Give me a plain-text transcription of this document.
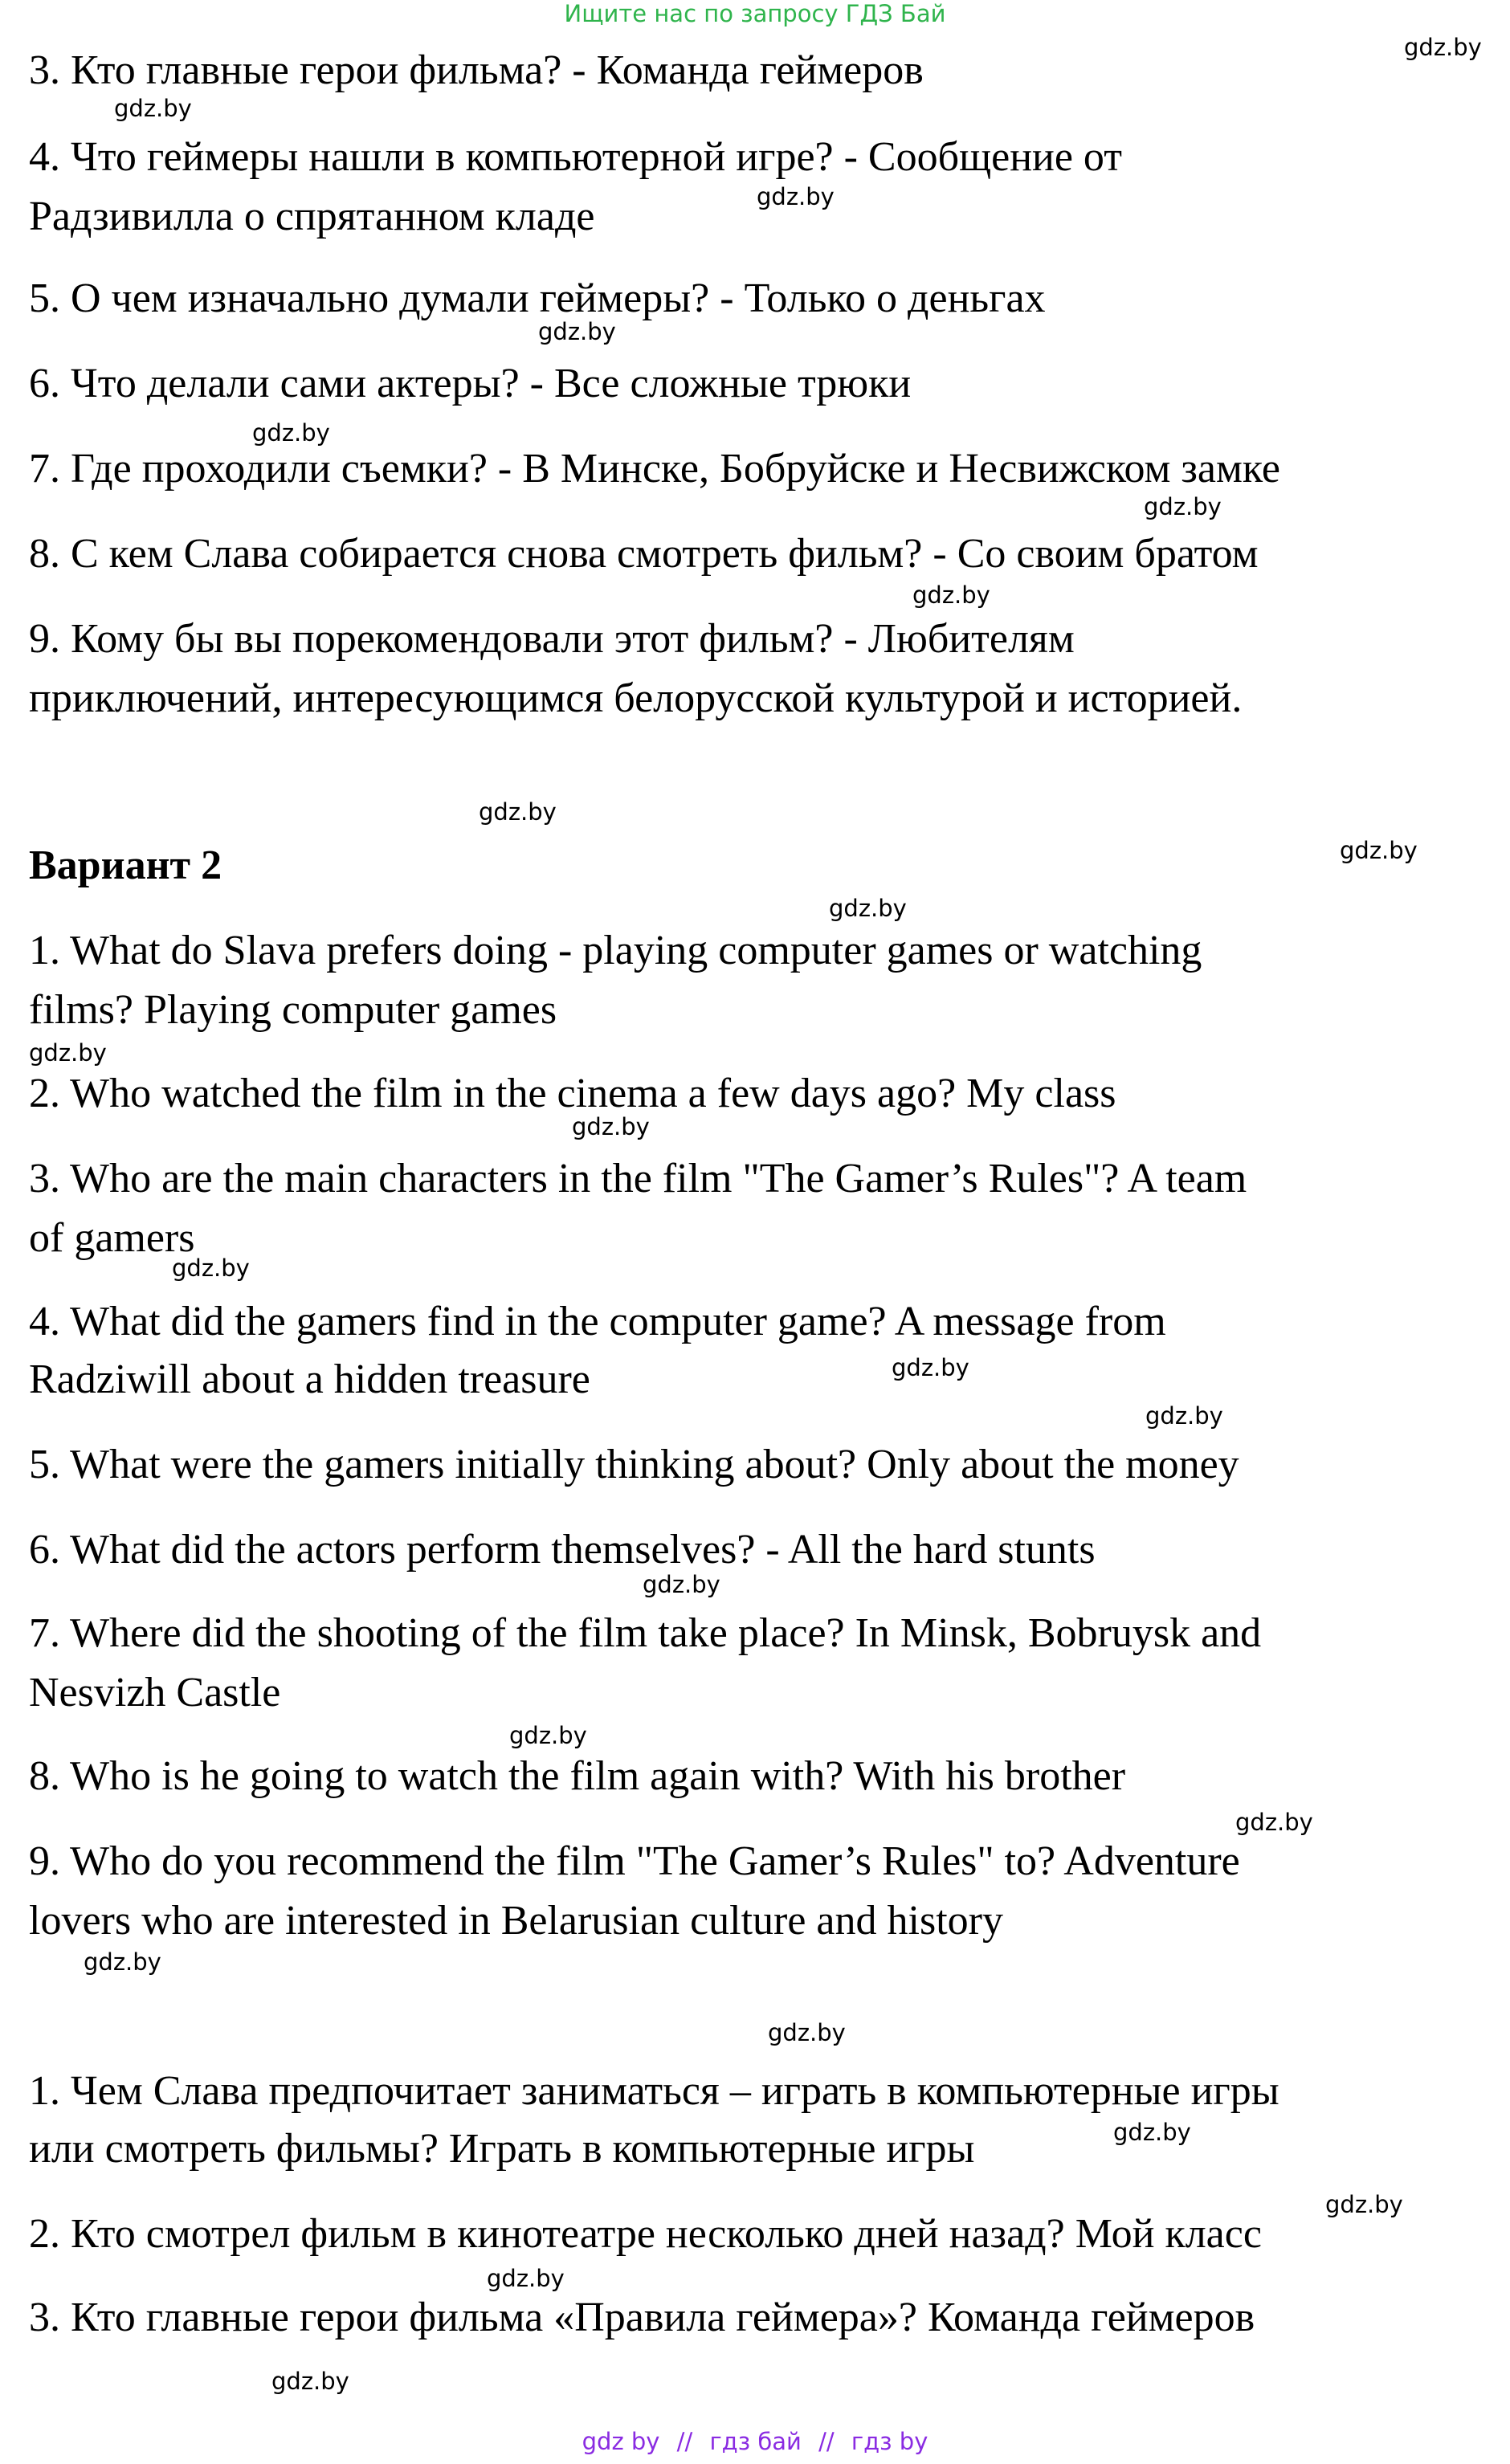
Ищите нас по запросу ГДЗ Бай
3. Кто главные герои фильма? - Команда геймеров
4. Что геймеры нашли в компьютерной игре? - Сообщение от
Радзивилла о спрятанном кладе
5. О чем изначально думали геймеры? - Только о деньгах
6. Что делали сами актеры? - Все сложные трюки
7. Где проходили съемки? - В Минске, Бобруйске и Несвижском замке
8. С кем Слава собирается снова смотреть фильм? - Со своим братом
9. Кому бы вы порекомендовали этот фильм? - Любителям
приключений, интересующимся белорусской культурой и историей.
Вариант 2
1. What do Slava prefers doing - playing computer games or watching
films? Playing computer games
2. Who watched the film in the cinema a few days ago? My class
3. Who are the main characters in the film "The Gamer’s Rules"? A team
of gamers
4. What did the gamers find in the computer game? A message from
Radziwill about a hidden treasure
5. What were the gamers initially thinking about? Only about the money
6. What did the actors perform themselves? - All the hard stunts
7. Where did the shooting of the film take place? In Minsk, Bobruysk and
Nesvizh Castle
8. Who is he going to watch the film again with? With his brother
9. Who do you recommend the film "The Gamer’s Rules" to? Adventure
lovers who are interested in Belarusian culture and history
1. Чем Слава предпочитает заниматься – играть в компьютерные игры
или смотреть фильмы? Играть в компьютерные игры
2. Кто смотрел фильм в кинотеатре несколько дней назад? Мой класс
3. Кто главные герои фильма «Правила геймера»? Команда геймеров
gdz.by
gdz.by
gdz.by
gdz.by
gdz.by
gdz.by
gdz.by
gdz.by
gdz.by
gdz.by
gdz.by
gdz.by
gdz.by
gdz.by
gdz.by
gdz.by
gdz.by
gdz.by
gdz.by
gdz.by
gdz.by
gdz.by
gdz.by
gdz.by
gdz by // гдз бай // гдз by
